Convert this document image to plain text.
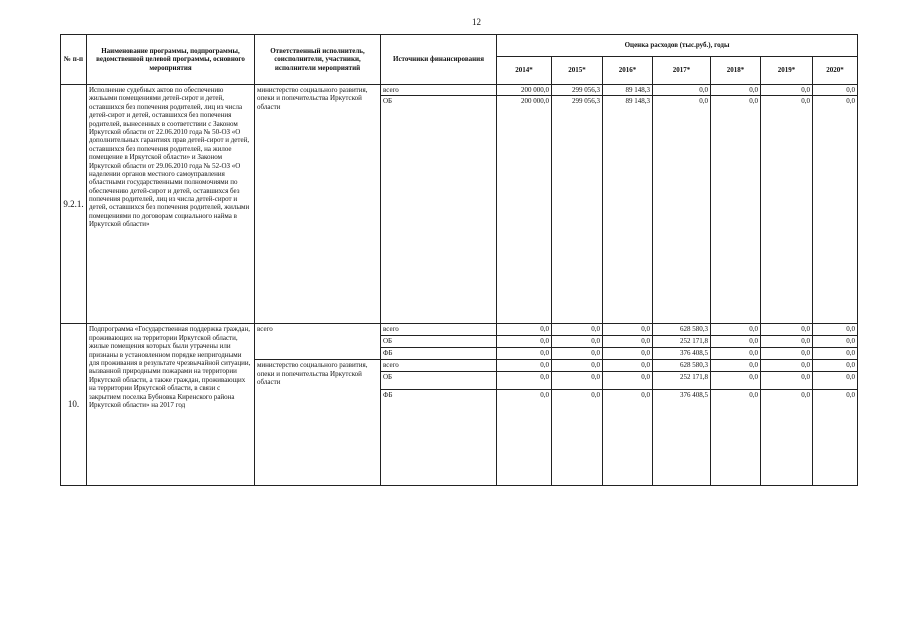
12
№ п-п	Наименование программы, подпрограммы, ведомственной целевой программы, основного мероприятия	Ответственный исполнитель, соисполнители, участники, исполнители мероприятий	Источники финансирования	Оценка расходов (тыс.руб.), годы						
				2014*	2015*	2016*	2017*	2018*	2019*	2020*
9.2.1.	Исполнение судебных актов по обеспечению жильыми помещениями детей-сирот и детей, оставшихся без попечения родителей, лиц из числа детей-сирот и детей, оставшихся без попечения родителей, вынесенных в соответствии с Законом Иркутской области от 22.06.2010 года № 50-ОЗ «О дополнительных гарантиях прав детей-сирот и детей, оставшихся без попечения родителей, на жилое помещение в Иркутской области» и Законом Иркутской области от 29.06.2010 года № 52-ОЗ «О наделении органов местного самоуправления областными государственными полномочиями по обеспечению детей-сирот и детей, оставшихся без попечения родителей, лиц из числа детей-сирот и детей, оставшихся без попечения родителей, жилыми помещениями по договорам социального найма в Иркутской области»	министерство социального развития, опеки и попечительства Иркутской области	всего	200 000,0	299 056,3	89 148,3	0,0	0,0	0,0	0,0
			ОБ	200 000,0	299 056,3	89 148,3	0,0	0,0	0,0	0,0
10.	Подпрограмма «Государственная поддержка граждан, проживающих на территории Иркутской области, жилые помещения которых были утрачены или признаны в установленном порядке непригодными для проживания в результате чрезвычайной ситуации, вызванной природными пожарами на территории Иркутской области, а также граждан, проживающих на территории Иркутской области, в связи с закрытием поселка Бубновка Киренского района Иркутской области» на 2017 год	всего	всего	0,0	0,0	0,0	628 580,3	0,0	0,0	0,0
			ОБ	0,0	0,0	0,0	252 171,8	0,0	0,0	0,0
			ФБ	0,0	0,0	0,0	376 408,5	0,0	0,0	0,0
		министерство социального развития, опеки и попечительства Иркутской области	всего	0,0	0,0	0,0	628 580,3	0,0	0,0	0,0
			ОБ	0,0	0,0	0,0	252 171,8	0,0	0,0	0,0
			ФБ	0,0	0,0	0,0	376 408,5	0,0	0,0	0,0
